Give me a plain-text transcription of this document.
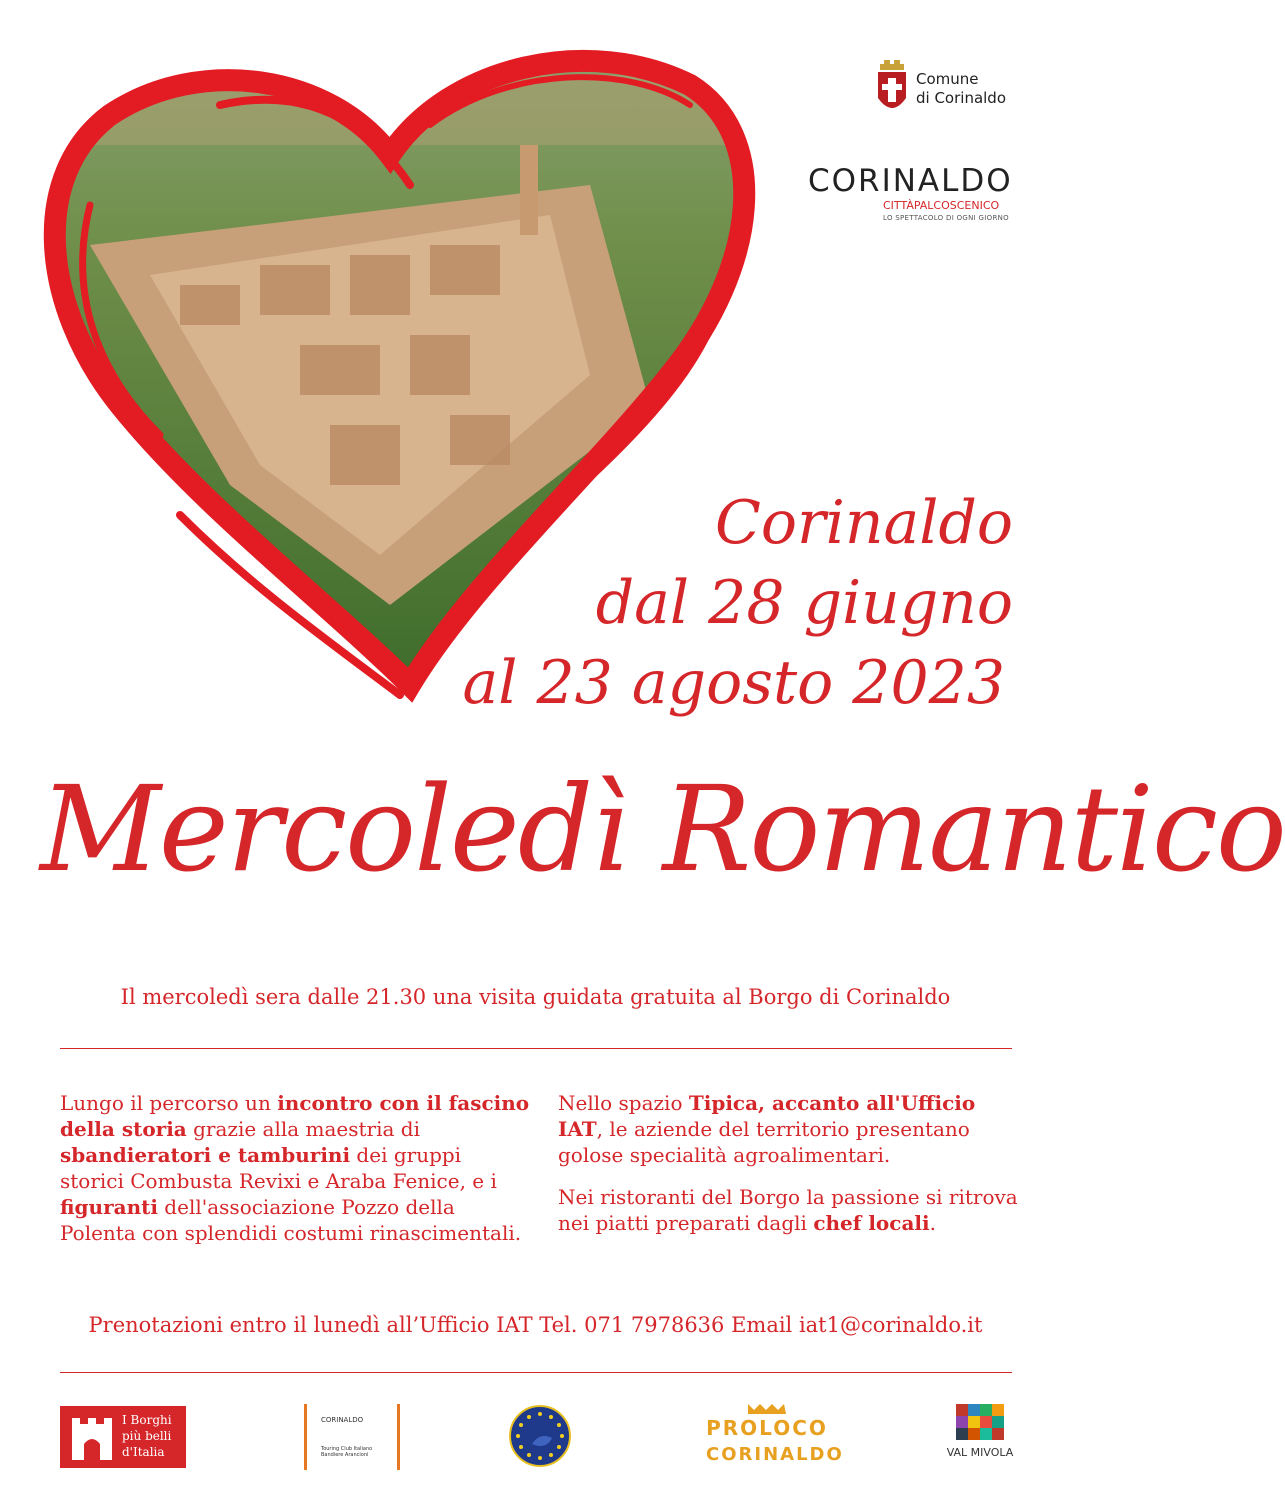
Comune
di Corinaldo
CORINALDO
CITTÀPALCOSCENICO
LO SPETTACOLO DI OGNI GIORNO
Corinaldo
dal 28 giugno
al 23 agosto 2023
Mercoledì Romantico
Il mercoledì sera dalle 21.30 una visita guidata gratuita al Borgo di Corinaldo
Lungo il percorso un incontro con il fascino della storia grazie alla maestria di sbandieratori e tamburini dei gruppi storici Combusta Revixi e Araba Fenice, e i figuranti dell'associazione Pozzo della Polenta con splendidi costumi rinascimentali.

Nello spazio Tipica, accanto all'Ufficio IAT, le aziende del territorio presentano golose specialità agroalimentari.

Nei ristoranti del Borgo la passione si ritrova nei piatti preparati dagli chef locali.

Prenotazioni entro il lunedì all’Ufficio IAT Tel. 071 7978636 Email iat1@corinaldo.it
I Borghi
più belli
d'Italia
CORINALDO
Touring Club Italiano Bandiere Arancioni
PROLOCO
CORINALDO	VAL MIVOLA
